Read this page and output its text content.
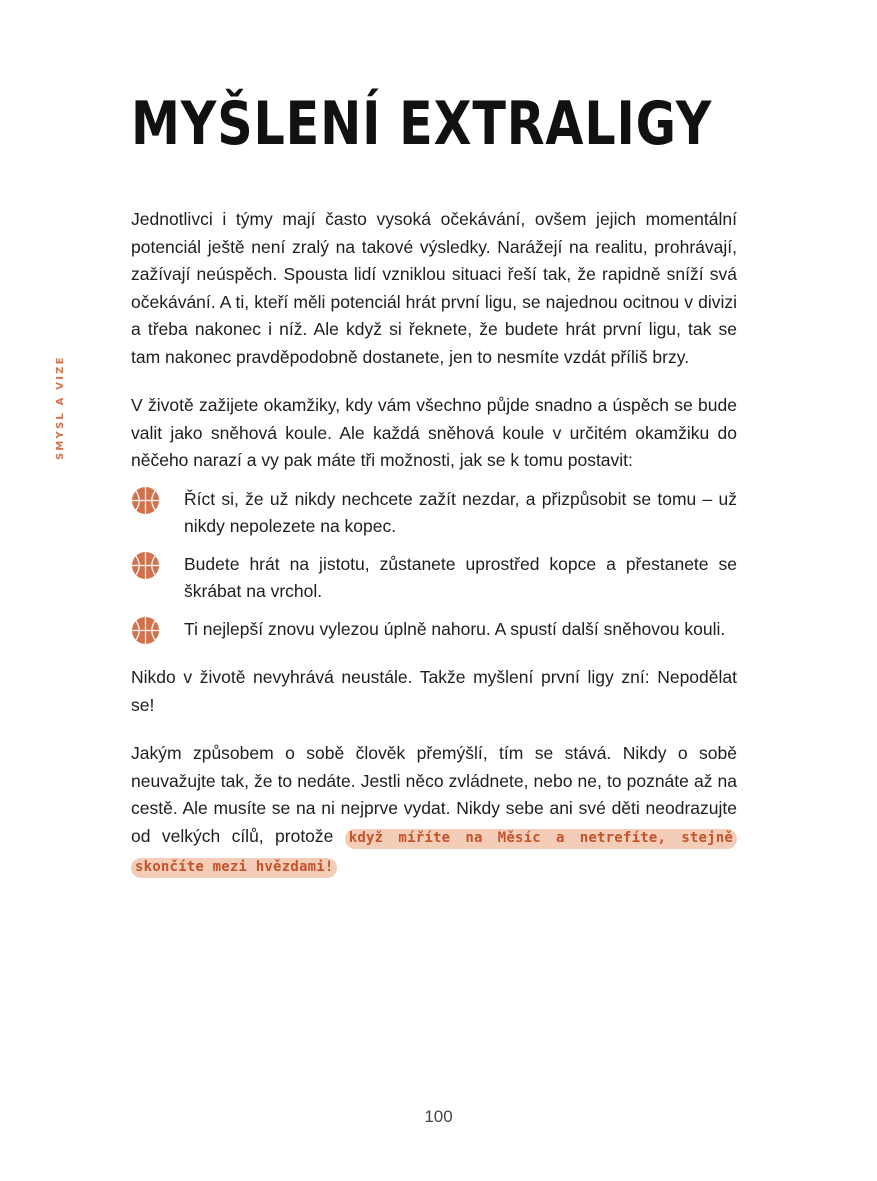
MYŠLENÍ EXTRALIGY
SMYSL A VIZE

Jednotlivci i týmy mají často vysoká očekávání, ovšem jejich momentální potenciál ještě není zralý na takové výsledky. Narážejí na realitu, prohrávají, zažívají neúspěch. Spousta lidí vzniklou situaci řeší tak, že rapidně sníží svá očekávání. A ti, kteří měli potenciál hrát první ligu, se najednou ocitnou v divizi a třeba nakonec i níž. Ale když si řeknete, že budete hrát první ligu, tak se tam nakonec pravděpodobně dostanete, jen to nesmíte vzdát příliš brzy.

V životě zažijete okamžiky, kdy vám všechno půjde snadno a úspěch se bude valit jako sněhová koule. Ale každá sněhová koule v určitém okamžiku do něčeho narazí a vy pak máte tři možnosti, jak se k tomu postavit:

Říct si, že už nikdy nechcete zažít nezdar, a přizpůsobit se tomu – už nikdy nepolezete na kopec.
Budete hrát na jistotu, zůstanete uprostřed kopce a přestanete se škrábat na vrchol.
Ti nejlepší znovu vylezou úplně nahoru. A spustí další sněhovou kouli.

Nikdo v životě nevyhrává neustále. Takže myšlení první ligy zní: Nepodělat se!

Jakým způsobem o sobě člověk přemýšlí, tím se stává. Nikdy o sobě neuvažujte tak, že to nedáte. Jestli něco zvládnete, nebo ne, to poznáte až na cestě. Ale musíte se na ni nejprve vydat. Nikdy sebe ani své děti neodrazujte od velkých cílů, protože když míříte na Měsíc a netrefíte, stejně skončíte mezi hvězdami!

100
